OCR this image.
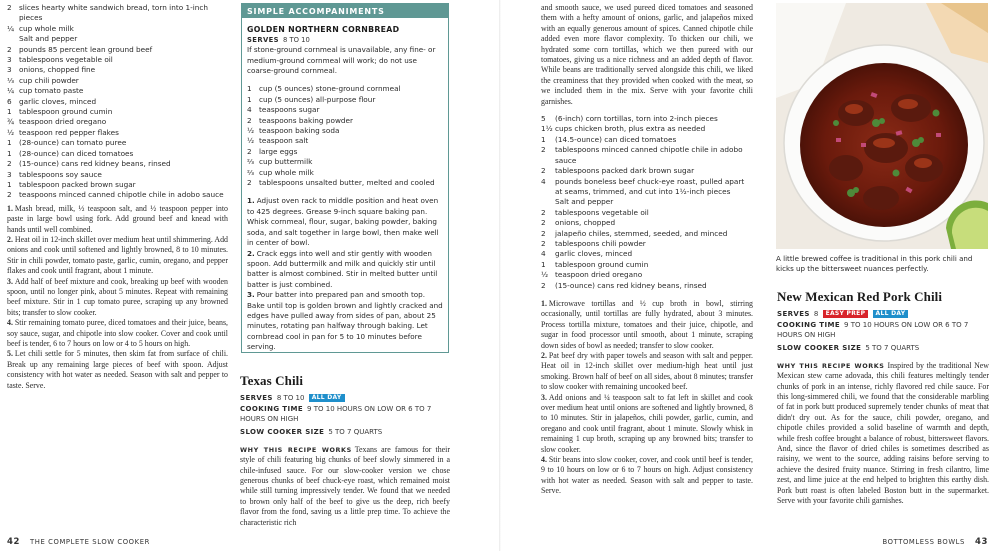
2	slices hearty white sandwich bread, torn into 1-inch pieces
¼ cup whole milk
Salt and pepper
2	pounds 85 percent lean ground beef
3	tablespoons vegetable oil
3	onions, chopped fine
⅓ cup chili powder
¼ cup tomato paste
6	garlic cloves, minced
1	tablespoon ground cumin
¾ teaspoon dried oregano
½ teaspoon red pepper flakes
1	(28-ounce) can tomato puree
1	(28-ounce) can diced tomatoes
2	(15-ounce) cans red kidney beans, rinsed
3	tablespoons soy sauce
1	tablespoon packed brown sugar
2	teaspoons minced canned chipotle chile in adobo sauce
1. Mash bread, milk, ½ teaspoon salt, and ½ teaspoon pepper into paste in large bowl using fork. Add ground beef and knead with hands until well combined.
2. Heat oil in 12-inch skillet over medium heat until shimmering. Add onions and cook until softened and lightly browned, 8 to 10 minutes. Stir in chili powder, tomato paste, garlic, cumin, oregano, and pepper flakes and cook until fragrant, about 1 minute.
3. Add half of beef mixture and cook, breaking up beef with wooden spoon, until no longer pink, about 5 minutes. Repeat with remaining beef mixture. Stir in 1 cup tomato puree, scraping up any browned bits; transfer to slow cooker.
4. Stir remaining tomato puree, diced tomatoes and their juice, beans, soy sauce, sugar, and chipotle into slow cooker. Cover and cook until beef is tender, 6 to 7 hours on low or 4 to 5 hours on high.
5. Let chili settle for 5 minutes, then skim fat from surface of chili. Break up any remaining large pieces of beef with spoon. Adjust consistency with hot water as needed. Season with salt and pepper to taste. Serve.
SIMPLE ACCOMPANIMENTS
GOLDEN NORTHERN CORNBREAD
SERVES 8 TO 10
If stone-ground cornmeal is unavailable, any fine- or medium-ground cornmeal will work; do not use coarse-ground cornmeal.
1	cup (5 ounces) stone-ground cornmeal
1	cup (5 ounces) all-purpose flour
4	teaspoons sugar
2	teaspoons baking powder
½ teaspoon baking soda
½ teaspoon salt
2	large eggs
⅔ cup buttermilk
⅔ cup whole milk
2	tablespoons unsalted butter, melted and cooled
1. Adjust oven rack to middle position and heat oven to 425 degrees. Grease 9-inch square baking pan. Whisk cornmeal, flour, sugar, baking powder, baking soda, and salt together in large bowl, then make well in center of bowl.
2. Crack eggs into well and stir gently with wooden spoon. Add buttermilk and milk and quickly stir until batter is almost combined. Stir in melted butter until batter is just combined.
3. Pour batter into prepared pan and smooth top. Bake until top is golden brown and lightly cracked and edges have pulled away from sides of pan, about 25 minutes, rotating pan halfway through baking. Let cornbread cool in pan for 5 to 10 minutes before serving.
Texas Chili
SERVES 8 TO 10 ALL DAY
COOKING TIME 9 TO 10 HOURS ON LOW OR 6 TO 7 HOURS ON HIGH
SLOW COOKER SIZE 5 TO 7 QUARTS

WHY THIS RECIPE WORKS Texans are famous for their style of chili featuring big chunks of beef slowly simmered in a chile-infused sauce. For our slow-cooker version we chose generous chunks of beef chuck-eye roast, which remained moist while still turning impressively tender. We found that we needed to brown only half of the beef to give us the deep, rich beefy flavor from the fond, saving us a little prep time. To achieve the characteristic rich

42 THE COMPLETE SLOW COOKER

and smooth sauce, we used pureed diced tomatoes and seasoned them with a hefty amount of onions, garlic, and jalapeños mixed with an equally generous amount of spices. Canned chipotle chile added even more flavor complexity. To thicken our chili, we hydrated some corn tortillas, which we then pureed with our tomatoes, giving us a nice richness and an added depth of flavor. While beans are traditionally served alongside this chili, we liked the creaminess that they provided when cooked with the meat, so we included them in the mix. Serve with your favorite chili garnishes.

5	(6-inch) corn tortillas, torn into 2-inch pieces
1½ cups chicken broth, plus extra as needed
1	(14.5-ounce) can diced tomatoes
2	tablespoons minced canned chipotle chile in adobo sauce
2	tablespoons packed dark brown sugar
4	pounds boneless beef chuck-eye roast, pulled apart at seams, trimmed, and cut into 1½-inch pieces
Salt and pepper
2	tablespoons vegetable oil
2	onions, chopped
2	jalapeño chiles, stemmed, seeded, and minced
2	tablespoons chili powder
4	garlic cloves, minced
1	tablespoon ground cumin
½ teaspoon dried oregano
2	(15-ounce) cans red kidney beans, rinsed
1. Microwave tortillas and ½ cup broth in bowl, stirring occasionally, until tortillas are fully hydrated, about 3 minutes. Process tortilla mixture, tomatoes and their juice, chipotle, and sugar in food processor until smooth, about 1 minute, scraping down sides of bowl as needed; transfer to slow cooker.
2. Pat beef dry with paper towels and season with salt and pepper. Heat oil in 12-inch skillet over medium-high heat until just smoking. Brown half of beef on all sides, about 8 minutes; transfer to slow cooker with remaining uncooked beef.
3. Add onions and ¼ teaspoon salt to fat left in skillet and cook over medium heat until onions are softened and lightly browned, 8 to 10 minutes. Stir in jalapeños, chili powder, garlic, cumin, and oregano and cook until fragrant, about 1 minute. Slowly whisk in remaining 1 cup broth, scraping up any browned bits; transfer to slow cooker.
4. Stir beans into slow cooker, cover, and cook until beef is tender, 9 to 10 hours on low or 6 to 7 hours on high. Adjust consistency with hot water as needed. Season with salt and pepper to taste. Serve.
BOTTOMLESS BOWLS 43
A little brewed coffee is traditional in this pork chili and kicks up the bittersweet nuances perfectly.
New Mexican Red Pork Chili
SERVES 8 EASY PREP ALL DAY
COOKING TIME 9 TO 10 HOURS ON LOW OR 6 TO 7 HOURS ON HIGH
SLOW COOKER SIZE 5 TO 7 QUARTS

WHY THIS RECIPE WORKS Inspired by the traditional New Mexican stew carne adovada, this chili features meltingly tender chunks of pork in an intense, richly flavored red chile sauce. For this long-simmered chili, we found that the considerable marbling of fat in pork butt produced supremely tender chunks of meat that didn't dry out. As for the sauce, chili powder, oregano, and chipotle chiles provided a solid baseline of warmth and depth, while fresh coffee brought a balance of robust, bittersweet flavors. And, since the flavor of dried chiles is sometimes described as raisiny, we went to the source, adding raisins before serving to achieve the desired fruity nuance. Stirring in fresh cilantro, lime zest, and lime juice at the end helped to brighten this earthy dish. Pork butt roast is often labeled Boston butt in the supermarket. Serve with your favorite chili garnishes.
